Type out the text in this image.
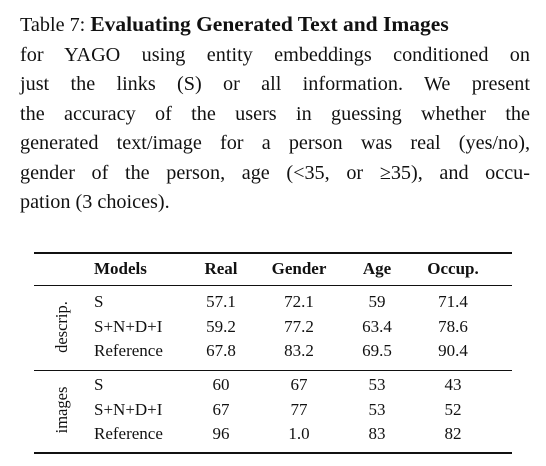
Table 7: Evaluating Generated Text and Images
for YAGO using entity embeddings conditioned on
just the links (S) or all information. We present
the accuracy of the users in guessing whether the
generated text/image for a person was real (yes/no),
gender of the person, age (<35, or ≥35), and occu-
pation (3 choices).
Models	Real	Gender	Age	Occup.
descrip. S	57.1	72.1	59	71.4
S+N+D+I	59.2	77.2	63.4	78.6
Reference	67.8	83.2	69.5	90.4
images
S	60	67	53	43
S+N+D+I	67	77	53	52
Reference	96	1.0	83	82
